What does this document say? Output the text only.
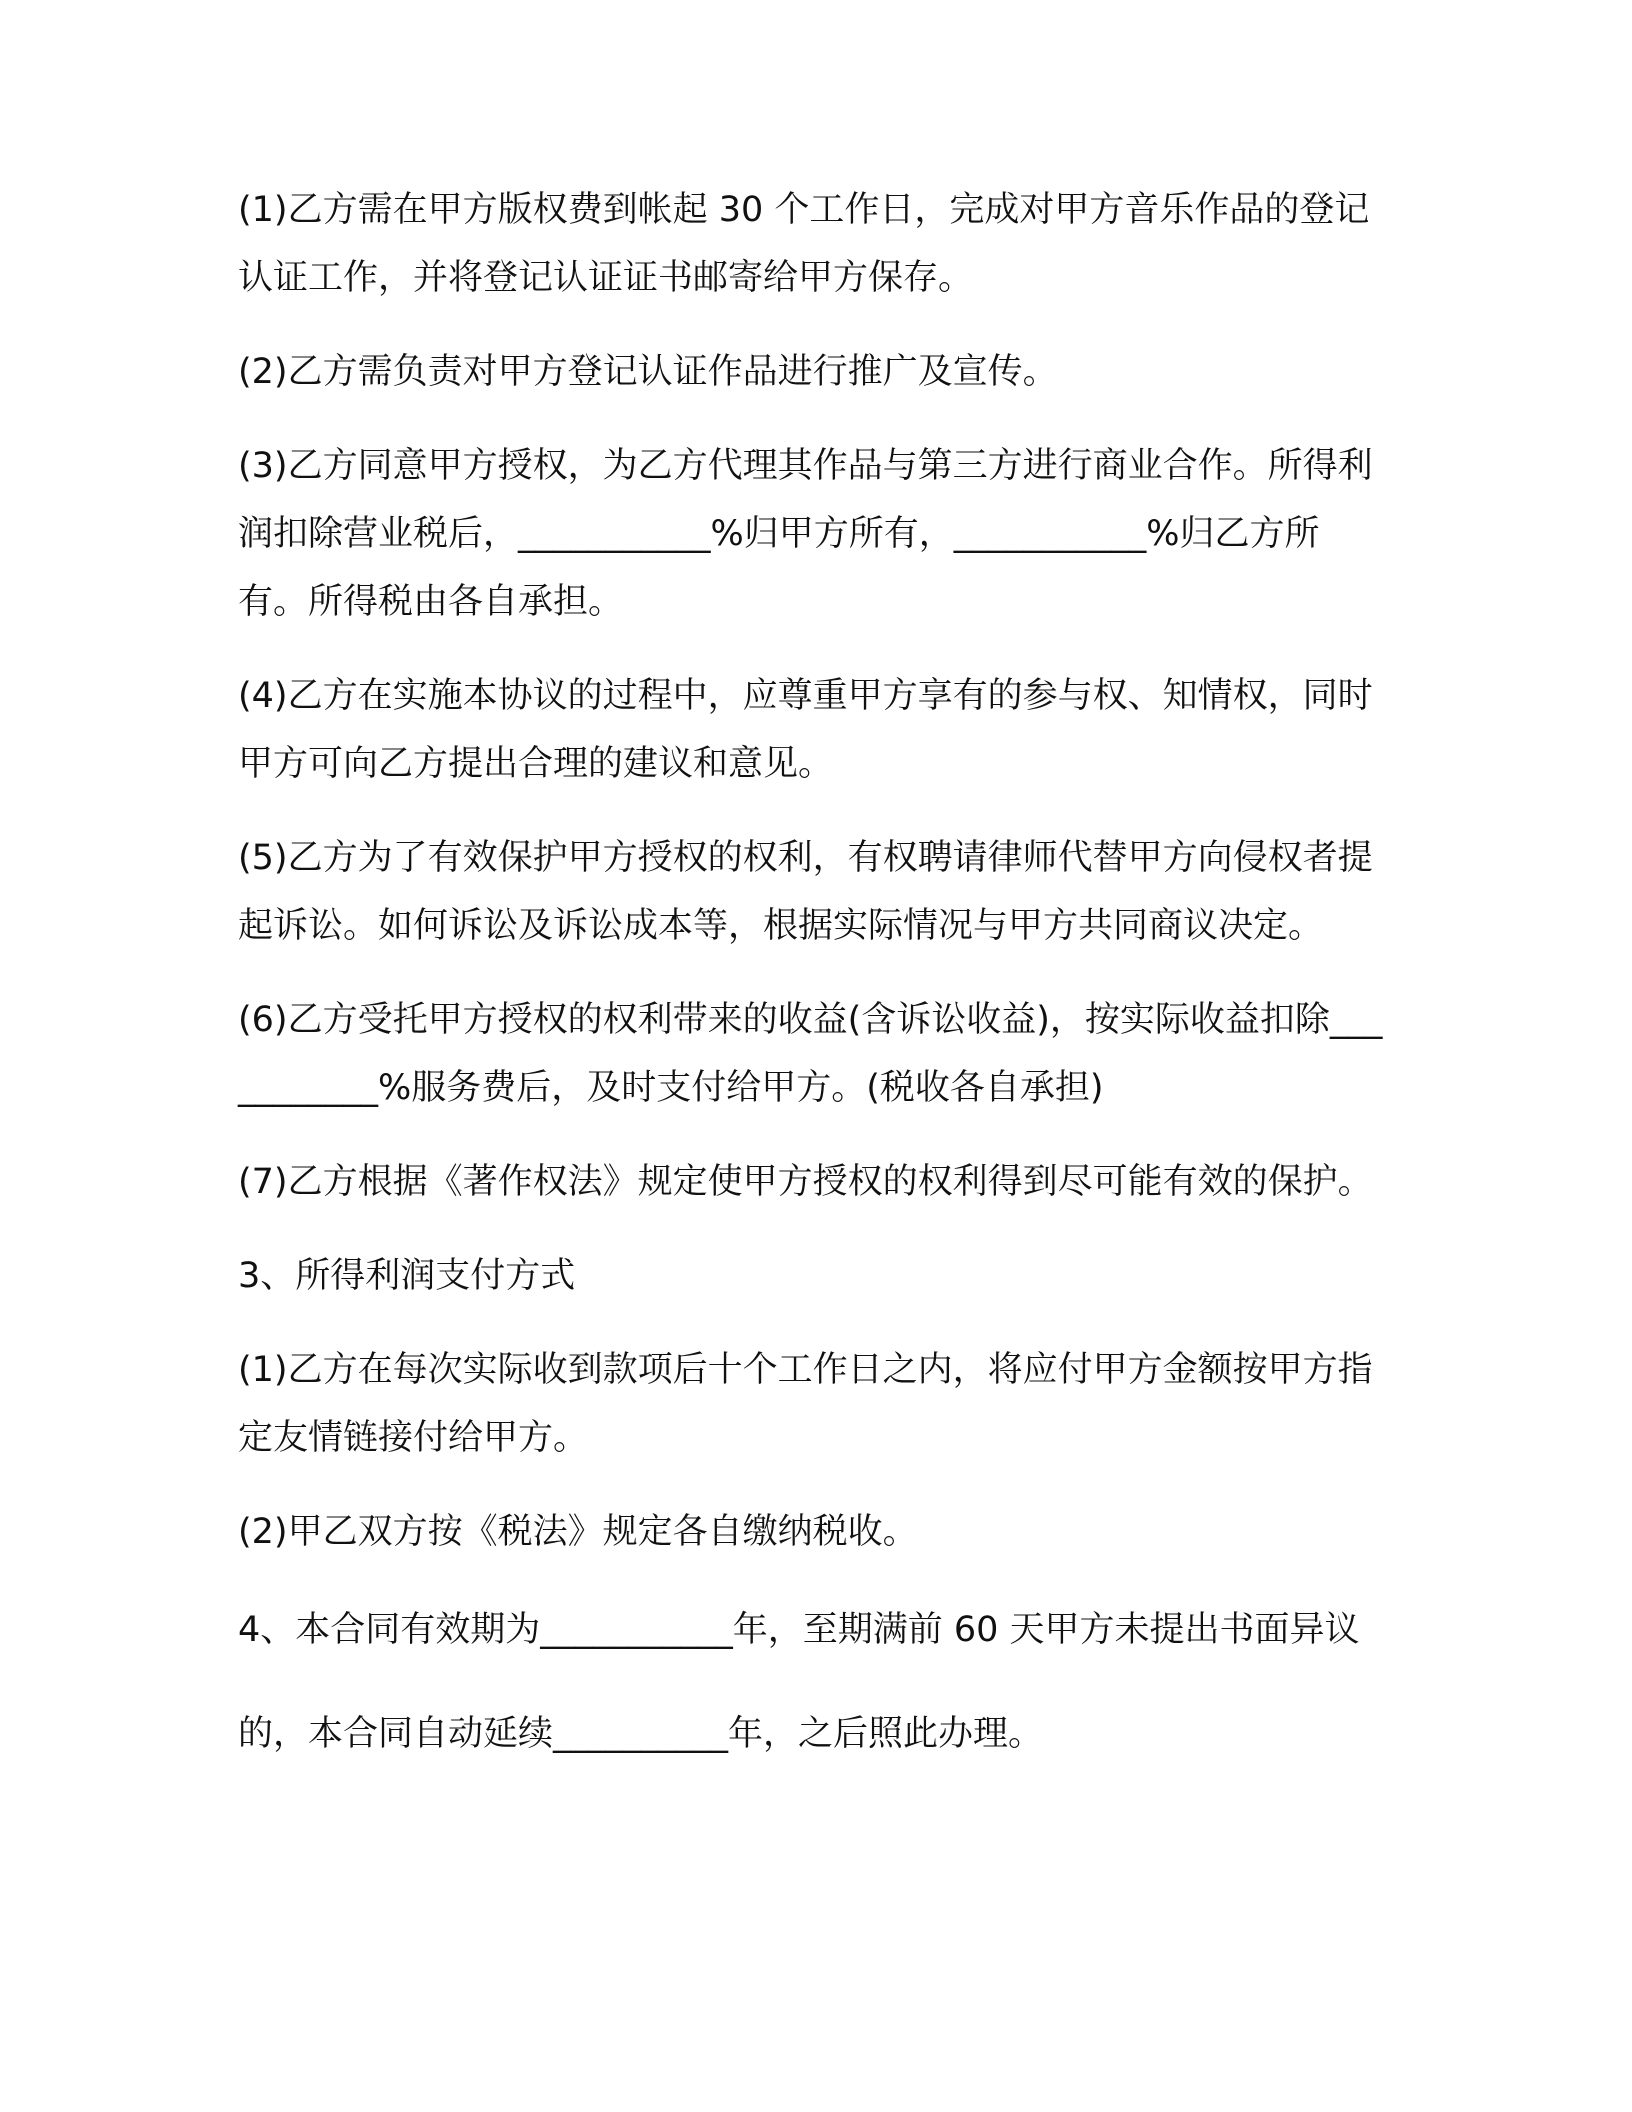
(1)乙方需在甲方版权费到帐起 30 个工作日，完成对甲方音乐作品的登记认证工作，并将登记认证证书邮寄给甲方保存。

(2)乙方需负责对甲方登记认证作品进行推广及宣传。

(3)乙方同意甲方授权，为乙方代理其作品与第三方进行商业合作。所得利润扣除营业税后，___________%归甲方所有，___________%归乙方所有。所得税由各自承担。

(4)乙方在实施本协议的过程中，应尊重甲方享有的参与权、知情权，同时甲方可向乙方提出合理的建议和意见。

(5)乙方为了有效保护甲方授权的权利，有权聘请律师代替甲方向侵权者提起诉讼。如何诉讼及诉讼成本等，根据实际情况与甲方共同商议决定。

(6)乙方受托甲方授权的权利带来的收益(含诉讼收益)，按实际收益扣除___________%服务费后，及时支付给甲方。(税收各自承担)

(7)乙方根据《著作权法》规定使甲方授权的权利得到尽可能有效的保护。

3、所得利润支付方式

(1)乙方在每次实际收到款项后十个工作日之内，将应付甲方金额按甲方指定友情链接付给甲方。

(2)甲乙双方按《税法》规定各自缴纳税收。

4、本合同有效期为___________年，至期满前 60 天甲方未提出书面异议的，本合同自动延续__________年，之后照此办理。
